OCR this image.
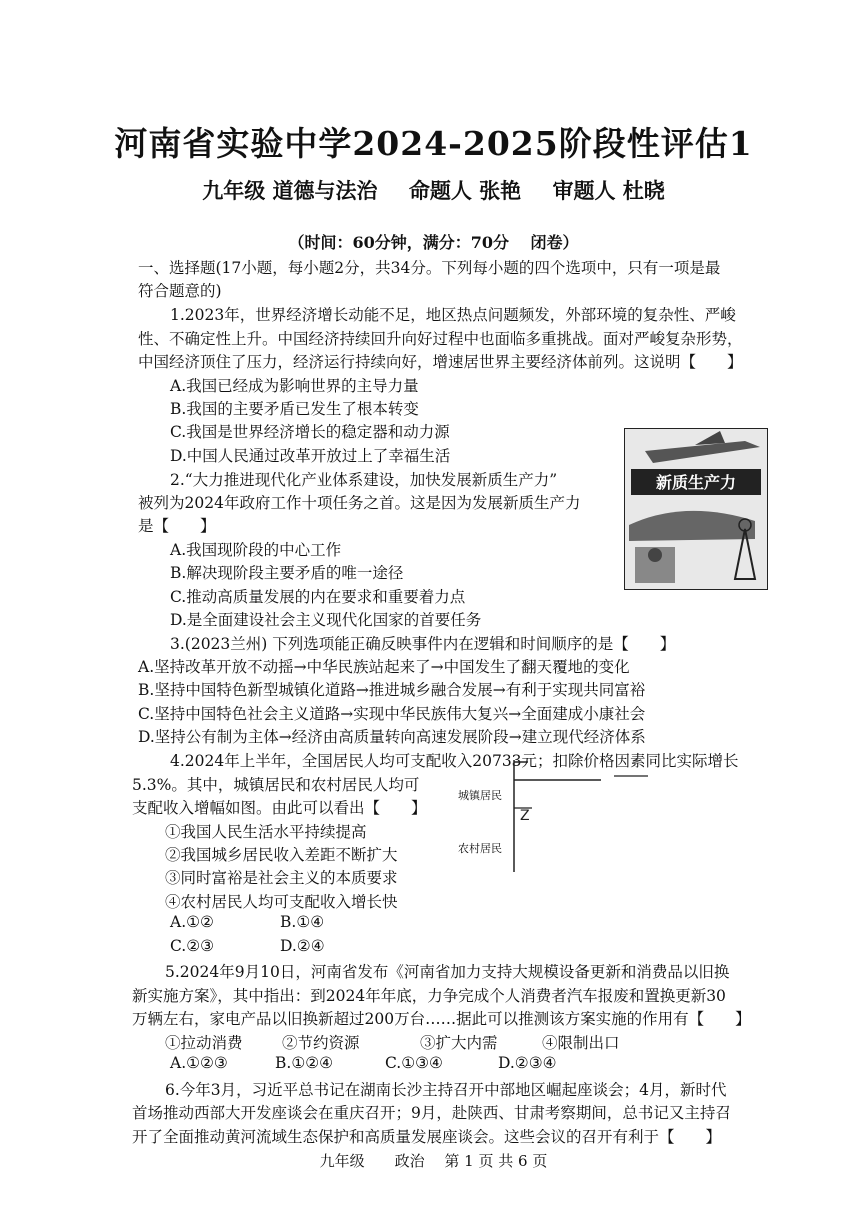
河南省实验中学2024-2025阶段性评估1
九年级 道德与法治 命题人 张艳 审题人 杜晓
（时间：60分钟，满分：70分　 闭卷）
一、选择题(17小题，每小题2分，共34分。下列每小题的四个选项中，只有一项是最
符合题意的)
1.2023年，世界经济增长动能不足，地区热点问题频发，外部环境的复杂性、严峻
性、不确定性上升。中国经济持续回升向好过程中也面临多重挑战。面对严峻复杂形势，
中国经济顶住了压力，经济运行持续向好，增速居世界主要经济体前列。这说明【　　】
A.我国已经成为影响世界的主导力量
B.我国的主要矛盾已发生了根本转变
C.我国是世界经济增长的稳定器和动力源
D.中国人民通过改革开放过上了幸福生活
2.“大力推进现代化产业体系建设，加快发展新质生产力”
被列为2024年政府工作十项任务之首。这是因为发展新质生产力
是【　　】
A.我国现阶段的中心工作
B.解决现阶段主要矛盾的唯一途径
C.推动高质量发展的内在要求和重要着力点
D.是全面建设社会主义现代化国家的首要任务
新质生产力
3.(2023兰州) 下列选项能正确反映事件内在逻辑和时间顺序的是【　　】
A.坚持改革开放不动摇→中华民族站起来了→中国发生了翻天覆地的变化
B.坚持中国特色新型城镇化道路→推进城乡融合发展→有利于实现共同富裕
C.坚持中国特色社会主义道路→实现中华民族伟大复兴→全面建成小康社会
D.坚持公有制为主体→经济由高质量转向高速发展阶段→建立现代经济体系
4.2024年上半年，全国居民人均可支配收入20733元；扣除价格因素同比实际增长
5.3%。其中，城镇居民和农村居民人均可
支配收入增幅如图。由此可以看出【　　】
①我国人民生活水平持续提高
②我国城乡居民收入差距不断扩大
③同时富裕是社会主义的本质要求
④农村居民人均可支配收入增长快
A.①②	B.①④
C.②③	D.②④
Z
城镇居民
农村居民
5.2024年9月10日，河南省发布《河南省加力支持大规模设备更新和消费品以旧换
新实施方案》，其中指出：到2024年年底，力争完成个人消费者汽车报废和置换更新30
万辆左右，家电产品以旧换新超过200万台……据此可以推测该方案实施的作用有【　　】
①拉动消费	②节约资源	③扩大内需	④限制出口
A.①②③	B.①②④	C.①③④	D.②③④
6.今年3月，习近平总书记在湖南长沙主持召开中部地区崛起座谈会；4月，新时代
首场推动西部大开发座谈会在重庆召开；9月，赴陕西、甘肃考察期间，总书记又主持召
开了全面推动黄河流域生态保护和高质量发展座谈会。这些会议的召开有利于【　　】
九年级　　政治　 第 1 页 共 6 页
